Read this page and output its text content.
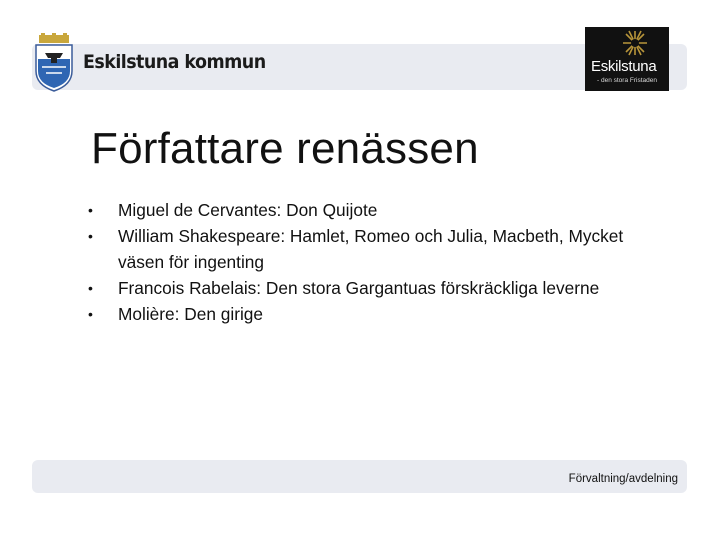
Eskilstuna kommun	Eskilstuna
- den stora Fristaden
Författare renässen
•	Miguel de Cervantes: Don Quijote
•	William Shakespeare: Hamlet, Romeo och Julia, Macbeth, Mycket väsen för ingenting
•	Francois Rabelais: Den stora Gargantuas förskräckliga leverne
•	Molière: Den girige
Förvaltning/avdelning
